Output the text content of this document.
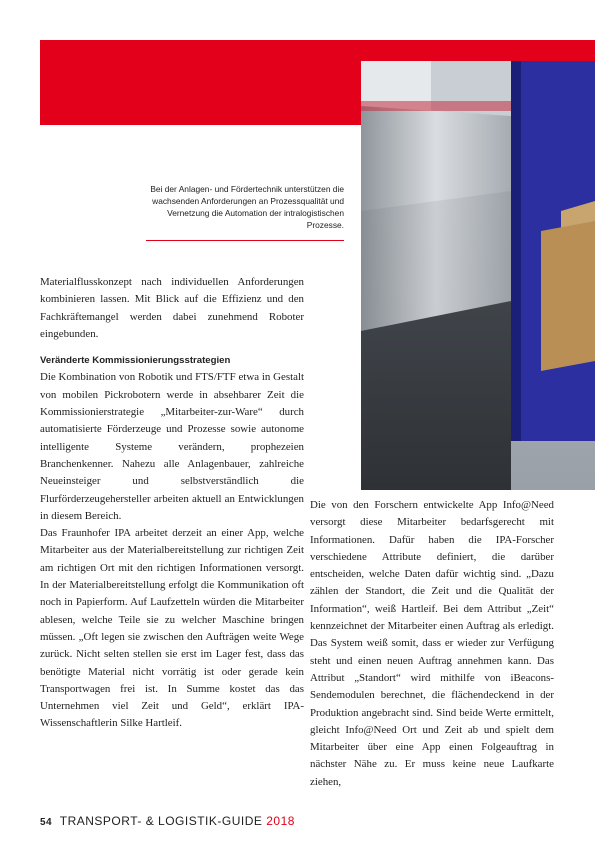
Bei der Anlagen- und Fördertechnik unterstützen die wachsenden Anforderungen an Prozessqualität und Vernetzung die Automation der intralogistischen Prozesse.

Materialflusskonzept nach individuellen Anforderungen kombinieren lassen. Mit Blick auf die Effizienz und den Fachkräftemangel werden dabei zunehmend Roboter eingebunden.

Veränderte Kommissionierungsstrategien

Die Kombination von Robotik und FTS/FTF etwa in Gestalt von mobilen Pickrobotern werde in absehbarer Zeit die Kommissionierstrategie „Mitarbeiter-zur-Ware“ durch automatisierte Förderzeuge und Prozesse sowie autonome intelligente Systeme verändern, prophezeien Branchenkenner. Nahezu alle Anlagenbauer, zahlreiche Neueinsteiger und selbstverständlich die Flurförderzeugehersteller arbeiten aktuell an Entwicklungen in diesem Bereich.

Das Fraunhofer IPA arbeitet derzeit an einer App, welche Mitarbeiter aus der Materialbereitstellung zur richtigen Zeit am richtigen Ort mit den richtigen Informationen versorgt. In der Materialbereitstellung erfolgt die Kommunikation oft noch in Papierform. Auf Laufzetteln würden die Mitarbeiter ablesen, welche Teile sie zu welcher Maschine bringen müssen. „Oft legen sie zwischen den Aufträgen weite Wege zurück. Nicht selten stellen sie erst im Lager fest, dass das benötigte Material nicht vorrätig ist oder gerade kein Transportwagen frei ist. In Summe kostet das das Unternehmen viel Zeit und Geld“, erklärt IPA-Wissenschaftlerin Silke Hartleif.

Die von den Forschern entwickelte App Info@Need versorgt diese Mitarbeiter bedarfsgerecht mit Informationen. Dafür haben die IPA-Forscher verschiedene Attribute definiert, die darüber entscheiden, welche Daten dafür wichtig sind. „Dazu zählen der Standort, die Zeit und die Qualität der Information“, weiß Hartleif. Bei dem Attribut „Zeit“ kennzeichnet der Mitarbeiter einen Auftrag als erledigt. Das System weiß somit, dass er wieder zur Verfügung steht und einen neuen Auftrag annehmen kann. Das Attribut „Standort“ wird mithilfe von iBeacons-Sendemodulen berechnet, die flächendeckend in der Produktion angebracht sind. Sind beide Werte ermittelt, gleicht Info@Need Ort und Zeit ab und spielt dem Mitarbeiter über eine App einen Folgeauftrag in nächster Nähe zu. Er muss keine neue Laufkarte ziehen,

54 TRANSPORT- & LOGISTIK-GUIDE 2018
